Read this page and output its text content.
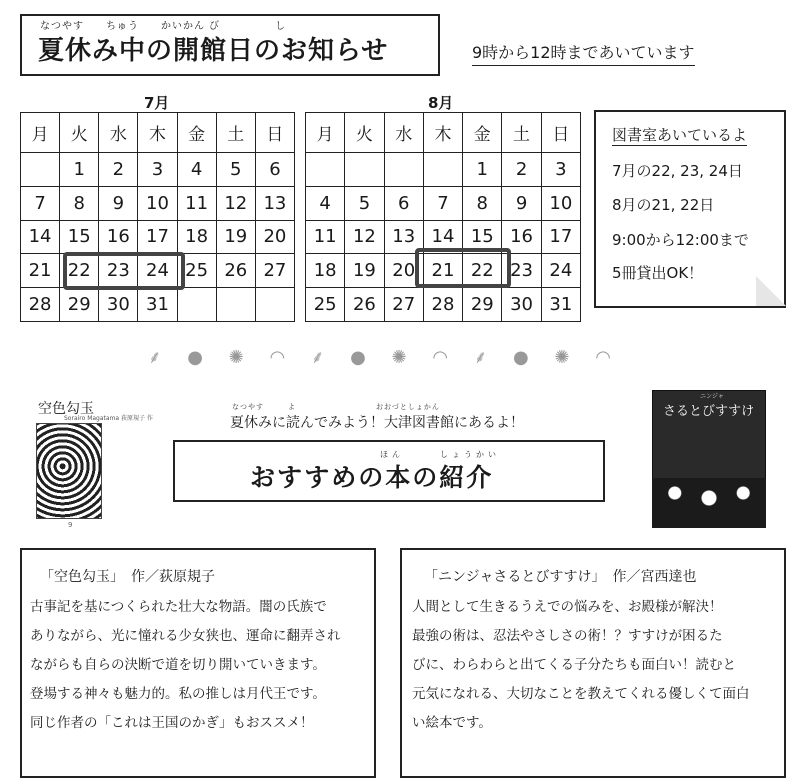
なつやす　　ちゅう　　かいかん び　　　　　し
夏休み中の開館日のお知らせ	9時から12時まであいています
7月
月	火	水	木	金	土	日
	1	2	3	4	5	6
7	8	9	10	11	12	13
14	15	16	17	18	19	20
21	22	23	24	25	26	27
28	29	30	31			
8月
月	火	水	木	金	土	日
				1	2	3
4	5	6	7	8	9	10
11	12	13	14	15	16	17
18	19	20	21	22	23	24
25	26	27	28	29	30	31
図書室あいているよ
7月の22, 23, 24日
8月の21, 22日
9:00から12:00まで
5冊貸出OK！
⸙ ● ✺ ◠ ⸙ ● ✺ ◠ ⸙ ● ✺ ◠
空色勾玉
Sorairo Magatama 荻原規子 作
9
ニンジャ
さるとびすすけ
なつやす　　　よ　　　　　　　　　　おおづとしょかん
夏休みに読んでみよう！大津図書館にあるよ！
ほん　　　しょうかい
おすすめの本の紹介
「空色勾玉」　作／荻原規子
古事記を基につくられた壮大な物語。闇の氏族で
ありながら、光に憧れる少女狭也、運命に翻弄され
ながらも自らの決断で道を切り開いていきます。
登場する神々も魅力的。私の推しは月代王です。
同じ作者の「これは王国のかぎ」もおススメ！
「ニンジャさるとびすすけ」　作／宮西達也
人間として生きるうえでの悩みを、お殿様が解決！
最強の術は、忍法やさしさの術！？すすけが困るた
びに、わらわらと出てくる子分たちも面白い！読むと
元気になれる、大切なことを教えてくれる優しくて面白
い絵本です。
